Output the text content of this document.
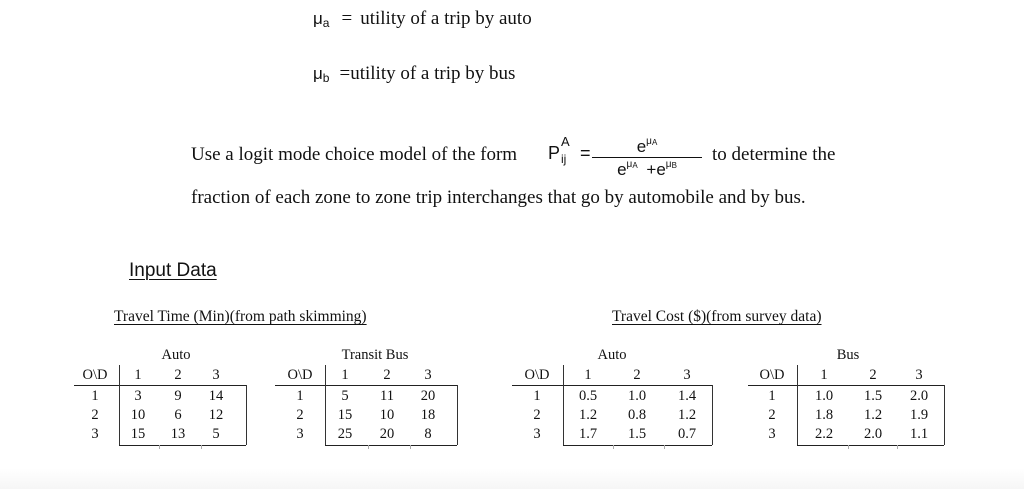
$\mu_a$ = utility of a trip by auto
$\mu_b$ =utility of a trip by bus
Use a logit mode choice model of the form P
A
ij =	$e^{\mu_A}$
$e^{\mu_A} +e^{\mu_B}$
to determine the
fraction of each zone to zone trip interchanges that go by automobile and by bus.
Input Data
Travel Time (Min)(from path skimming)	Travel Cost ($)(from survey data)
Auto
O\D	1	2	3
1	3	9	14
2	10	6	12
3	15	13	5
Transit Bus
O\D	1	2	3
1	5	11	20
2	15	10	18
3	25	20	8
Auto
O\D	1	2	3
1	0.5	1.0	1.4
2	1.2	0.8	1.2
3	1.7	1.5	0.7
Bus
O\D	1	2	3
1	1.0	1.5	2.0
2	1.8	1.2	1.9
3	2.2	2.0	1.1
